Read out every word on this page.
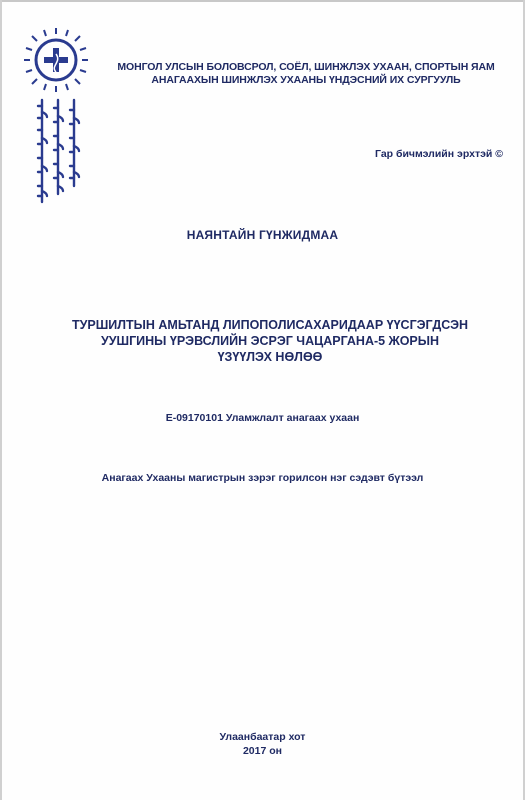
МОНГОЛ УЛСЫН БОЛОВСРОЛ, СОЁЛ, ШИНЖЛЭХ УХААН, СПОРТЫН ЯАМ
АНАГААХЫН ШИНЖЛЭХ УХААНЫ ҮНДЭСНИЙ ИХ СУРГУУЛЬ
Гар бичмэлийн эрхтэй ©
НАЯНТАЙН ГҮНЖИДМАА
ТУРШИЛТЫН АМЬТАНД ЛИПОПОЛИСАХАРИДААР ҮҮСГЭГДСЭН
УУШГИНЫ ҮРЭВСЛИЙН ЭСРЭГ ЧАЦАРГАНА-5 ЖОРЫН
ҮЗҮҮЛЭХ НӨЛӨӨ
Е-09170101 Уламжлалт анагаах ухаан
Анагаах Ухааны магистрын зэрэг горилсон нэг сэдэвт бүтээл
Улаанбаатар хот
2017 он
